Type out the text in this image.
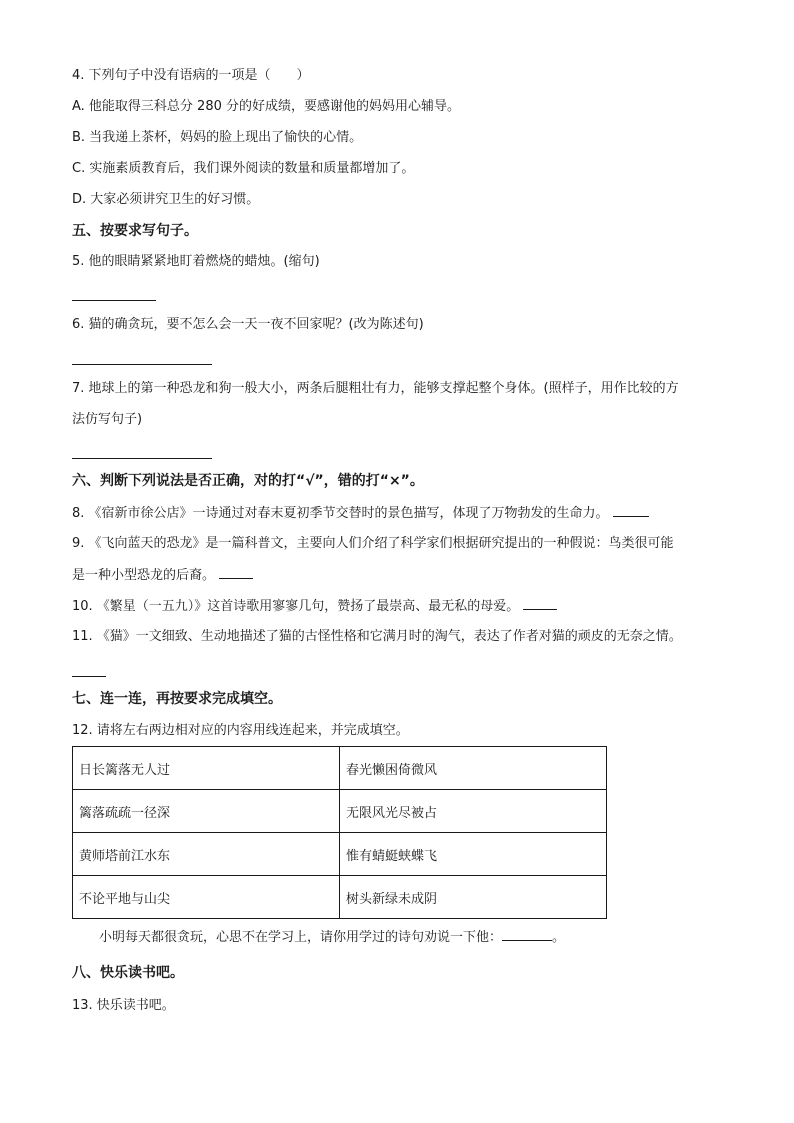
4. 下列句子中没有语病的一项是（　　）
A. 他能取得三科总分 280 分的好成绩，要感谢他的妈妈用心辅导。
B. 当我递上茶杯，妈妈的脸上现出了愉快的心情。
C. 实施素质教育后，我们课外阅读的数量和质量都增加了。
D. 大家必须讲究卫生的好习惯。
五、按要求写句子。
5. 他的眼睛紧紧地盯着燃烧的蜡烛。(缩句)
6. 猫的确贪玩，要不怎么会一天一夜不回家呢？(改为陈述句)
7. 地球上的第一种恐龙和狗一般大小，两条后腿粗壮有力，能够支撑起整个身体。(照样子，用作比较的方
法仿写句子)
六、判断下列说法是否正确，对的打“√”，错的打“×”。
8. 《宿新市徐公店》一诗通过对春末夏初季节交替时的景色描写，体现了万物勃发的生命力。
9. 《飞向蓝天的恐龙》是一篇科普文，主要向人们介绍了科学家们根据研究提出的一种假说：鸟类很可能
是一种小型恐龙的后裔。
10. 《繁星（一五九）》这首诗歌用寥寥几句，赞扬了最崇高、最无私的母爱。
11. 《猫》一文细致、生动地描述了猫的古怪性格和它满月时的淘气，表达了作者对猫的顽皮的无奈之情。
七、连一连，再按要求完成填空。
12. 请将左右两边相对应的内容用线连起来，并完成填空。
日长篱落无人过	春光懒困倚微风
篱落疏疏一径深	无限风光尽被占
黄师塔前江水东	惟有蜻蜓蛱蝶飞
不论平地与山尖	树头新绿未成阴
小明每天都很贪玩，心思不在学习上，请你用学过的诗句劝说一下他：	。
八、快乐读书吧。
13. 快乐读书吧。
